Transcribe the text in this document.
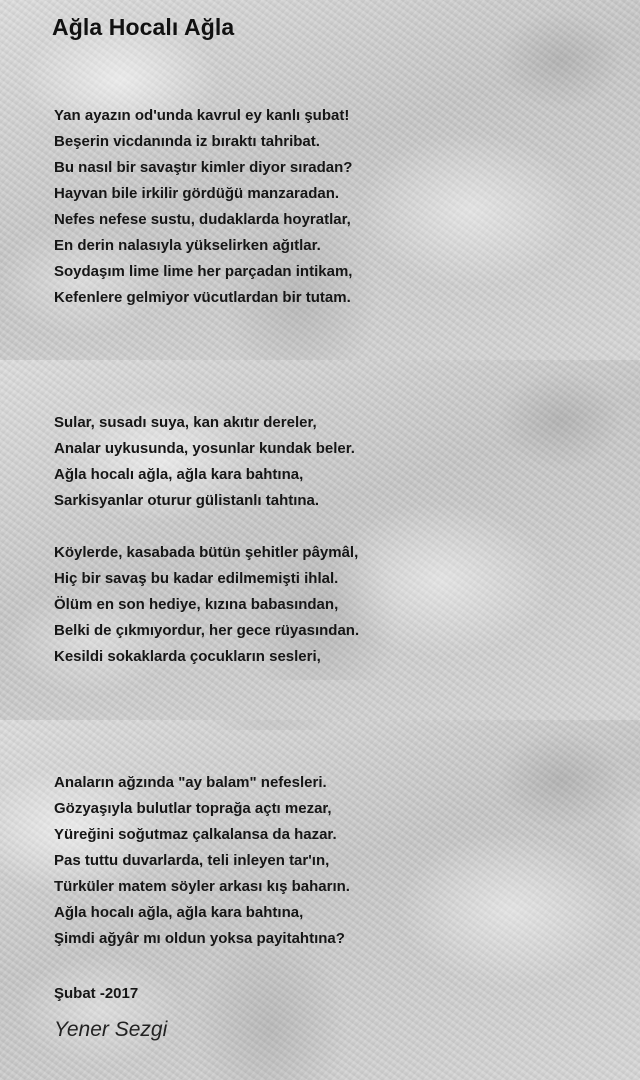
Ağla Hocalı Ağla
Yan ayazın od'unda kavrul ey kanlı şubat!
Beşerin vicdanında iz bıraktı tahribat.
Bu nasıl bir savaştır kimler diyor sıradan?
Hayvan bile irkilir gördüğü manzaradan.
Nefes nefese sustu, dudaklarda hoyratlar,
En derin nalasıyla yükselirken ağıtlar.
Soydaşım lime lime her parçadan intikam,
Kefenlere gelmiyor vücutlardan bir tutam.
Sular, susadı suya, kan akıtır dereler,
Analar uykusunda, yosunlar kundak beler.
Ağla hocalı ağla, ağla kara bahtına,
Sarkisyanlar oturur gülistanlı tahtına.
Köylerde, kasabada bütün şehitler pâymâl,
Hiç bir savaş bu kadar edilmemişti ihlal.
Ölüm en son hediye, kızına babasından,
Belki de çıkmıyordur, her gece rüyasından.
Kesildi sokaklarda çocukların sesleri,
Anaların ağzında "ay balam" nefesleri.
Gözyaşıyla bulutlar toprağa açtı mezar,
Yüreğini soğutmaz çalkalansa da hazar.
Pas tuttu duvarlarda, teli inleyen tar'ın,
Türküler matem söyler arkası kış baharın.
Ağla hocalı ağla, ağla kara bahtına,
Şimdi ağyâr mı oldun yoksa payitahtına?

Şubat -2017

Yener Sezgi
